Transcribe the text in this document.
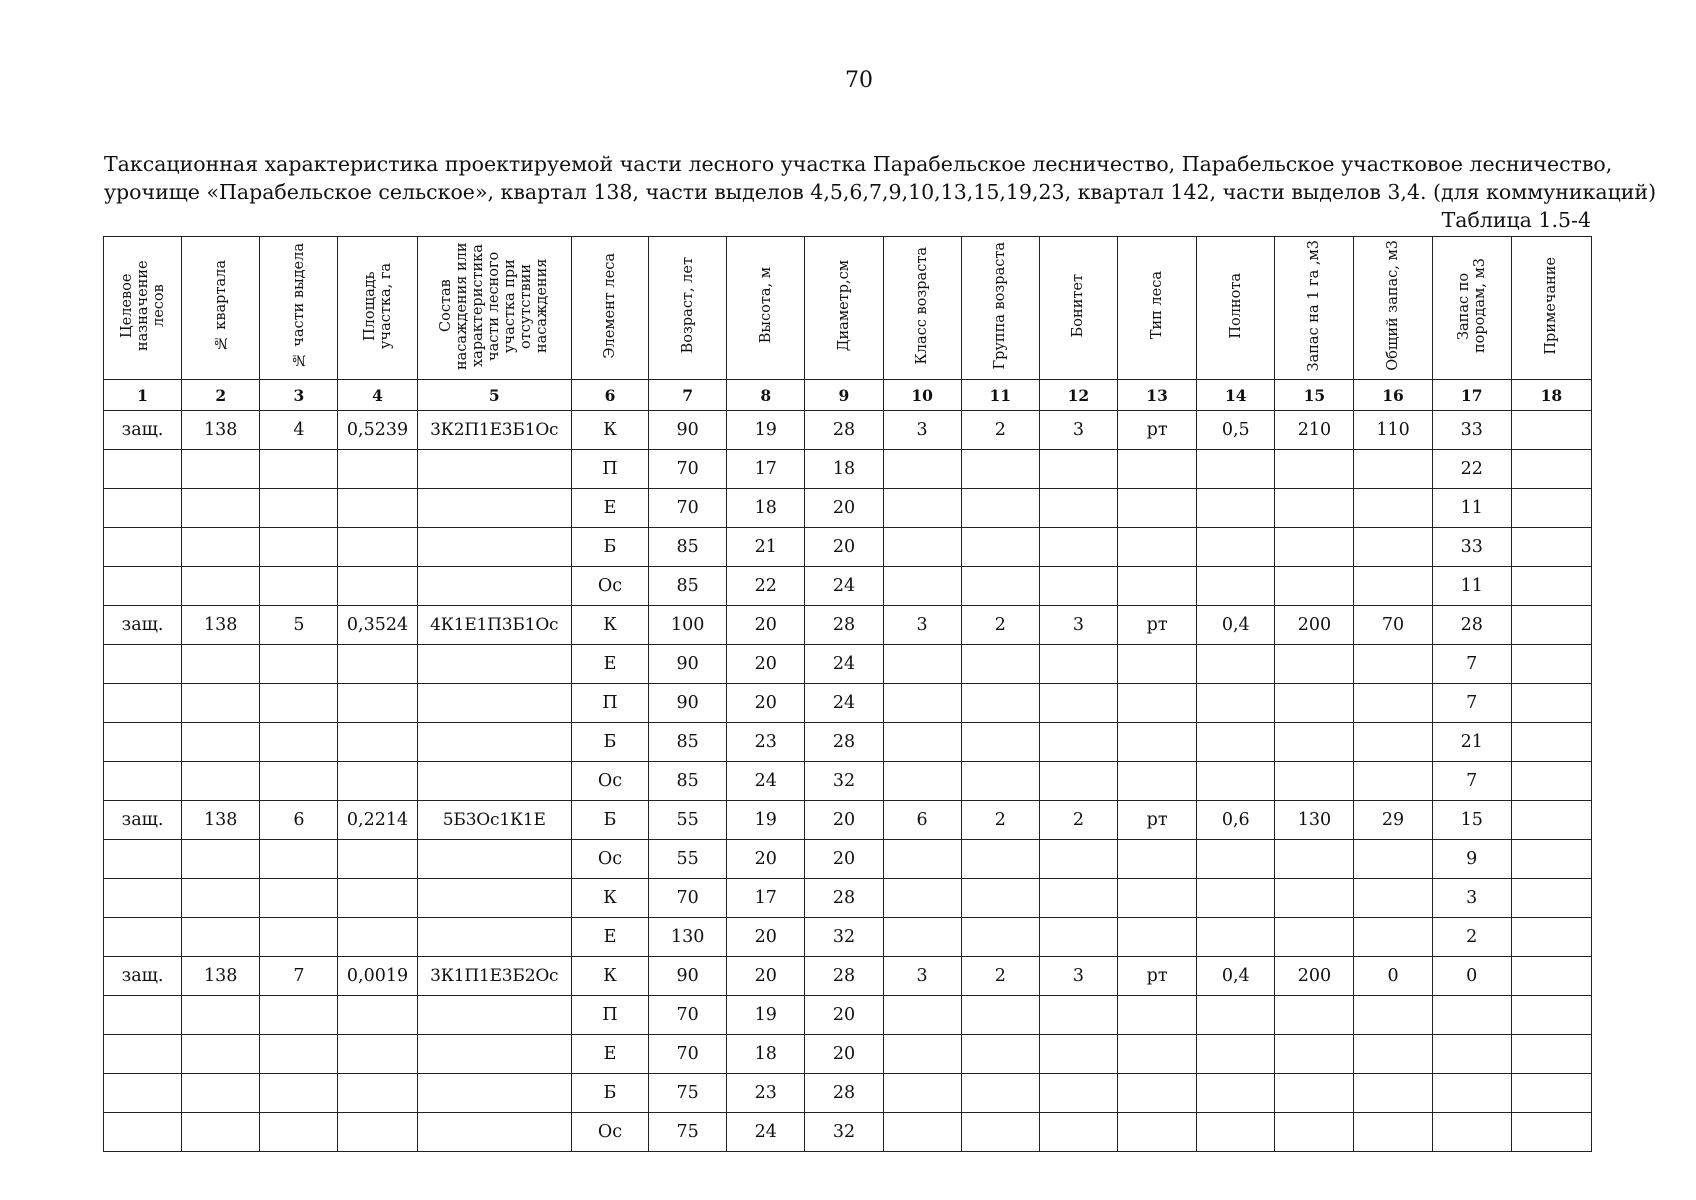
70
Таксационная характеристика проектируемой части лесного участка Парабельское лесничество, Парабельское участковое лесничество,
урочище «Парабельское сельское», квартал 138, части выделов 4,5,6,7,9,10,13,15,19,23, квартал 142, части выделов 3,4. (для коммуникаций)
Таблица 1.5-4
Целевое назначение лесов	№ квартала	№ части выдела	Площадь участка, га	Состав насаждения или характеристика части лесного участка при отсутствии насаждения	Элемент леса	Возраст, лет	Высота, м	Диаметр,см	Класс возраста	Группа возраста	Бонитет	Тип леса	Полнота	Запас на 1 га ,м3	Общий запас, м3	Запас по породам, м3	Примечание
1	2	3	4	5	6	7	8	9	10	11	12	13	14	15	16	17	18
защ.	138	4	0,5239	3К2П1Е3Б1Ос	К	90	19	28	3	2	3	рт	0,5	210	110	33	
					П	70	17	18								22	
					Е	70	18	20								11	
					Б	85	21	20								33	
					Ос	85	22	24								11	
защ.	138	5	0,3524	4К1Е1П3Б1Ос	К	100	20	28	3	2	3	рт	0,4	200	70	28	
					Е	90	20	24								7	
					П	90	20	24								7	
					Б	85	23	28								21	
					Ос	85	24	32								7	
защ.	138	6	0,2214	5Б3Ос1К1Е	Б	55	19	20	6	2	2	рт	0,6	130	29	15	
					Ос	55	20	20								9	
					К	70	17	28								3	
					Е	130	20	32								2	
защ.	138	7	0,0019	3К1П1Е3Б2Ос	К	90	20	28	3	2	3	рт	0,4	200	0	0	
					П	70	19	20									
					Е	70	18	20									
					Б	75	23	28									
					Ос	75	24	32									
